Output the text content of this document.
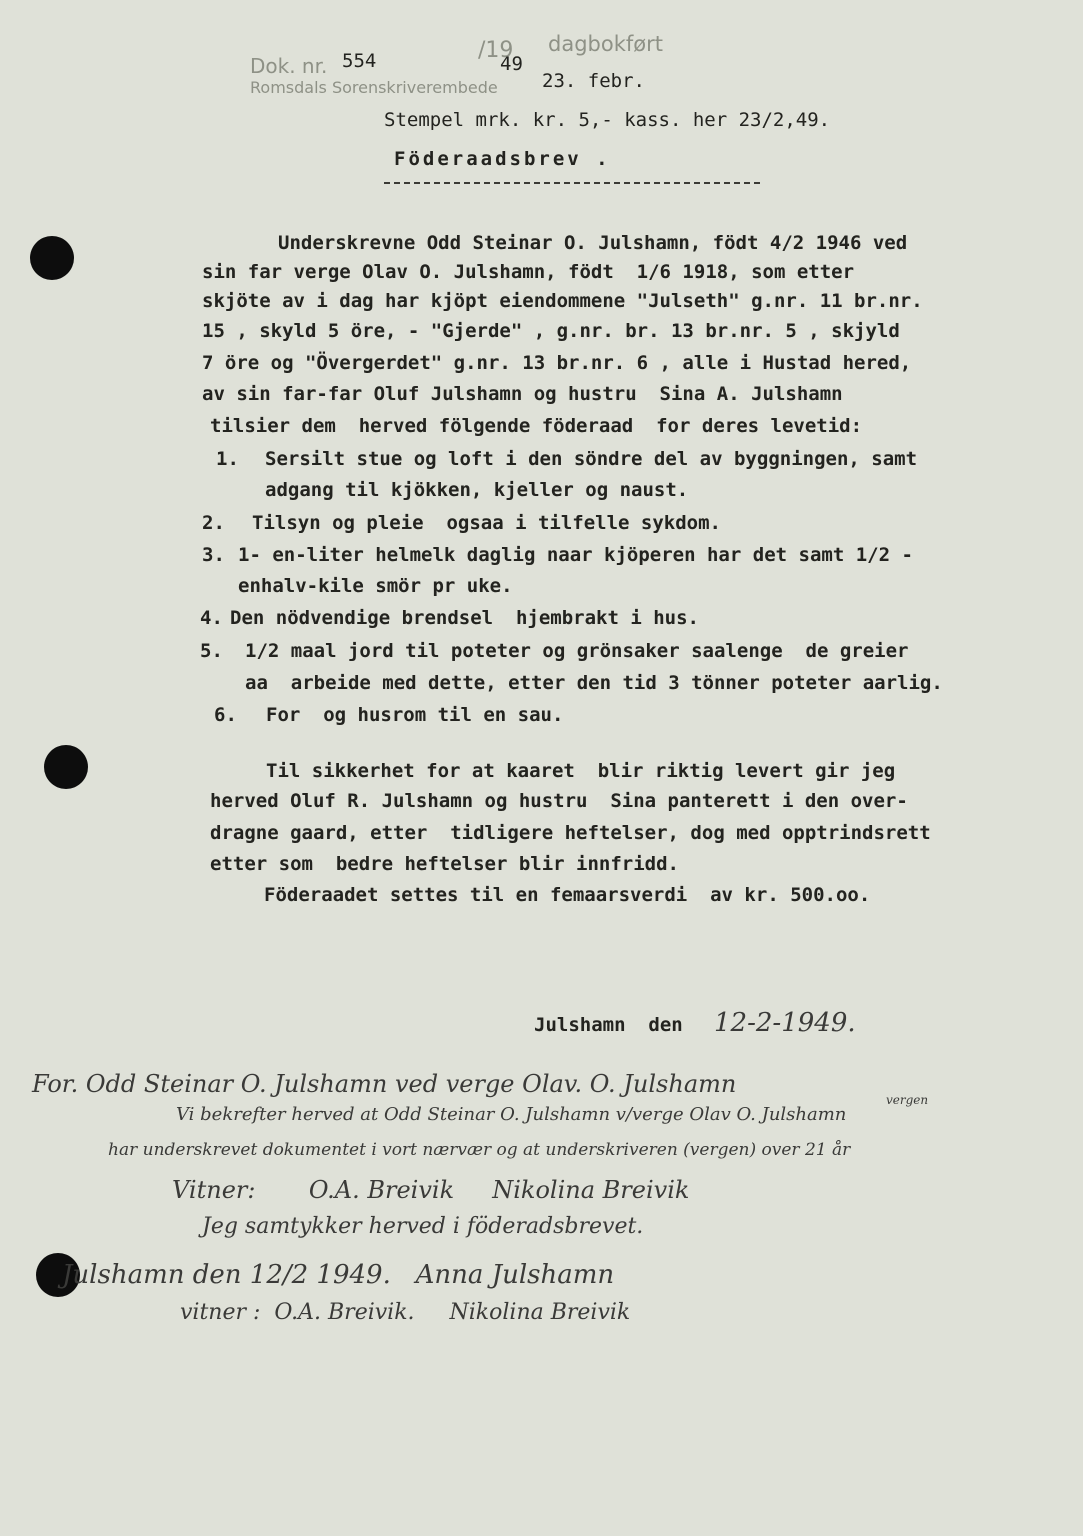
Dok. nr. 554	/19
49
dagbokført
Romsdals Sorenskriverembede 23. febr.
Stempel mrk. kr. 5,- kass. her 23/2,49.
Föderaadsbrev .
Underskrevne Odd Steinar O. Julshamn, födt 4/2 1946 ved
sin far verge Olav O. Julshamn, födt  1/6 1918, som etter
skjöte av i dag har kjöpt eiendommene "Julseth" g.nr. 11 br.nr.
15 , skyld 5 öre, - "Gjerde" , g.nr. br. 13 br.nr. 5 , skjyld
7 öre og "Övergerdet" g.nr. 13 br.nr. 6 , alle i Hustad hered,
av sin far-far Oluf Julshamn og hustru  Sina A. Julshamn
tilsier dem  herved fölgende föderaad  for deres levetid:
1. Sersilt stue og loft i den söndre del av byggningen, samt
adgang til kjökken, kjeller og naust.
2. Tilsyn og pleie  ogsaa i tilfelle sykdom.
3. 1- en-liter helmelk daglig naar kjöperen har det samt 1/2 -
enhalv-kile smör pr uke.
4. Den nödvendige brendsel  hjembrakt i hus.
5. 1/2 maal jord til poteter og grönsaker saalenge  de greier
aa  arbeide med dette, etter den tid 3 tönner poteter aarlig.
6. For  og husrom til en sau.
Til sikkerhet for at kaaret  blir riktig levert gir jeg
herved Oluf R. Julshamn og hustru  Sina panterett i den over-
dragne gaard, etter  tidligere heftelser, dog med opptrindsrett
etter som  bedre heftelser blir innfridd.
Föderaadet settes til en femaarsverdi  av kr. 500.oo.
Julshamn  den 12-2-1949.
For. Odd Steinar O. Julshamn ved verge Olav. O. Julshamn
Vi bekrefter herved at Odd Steinar O. Julshamn v/verge Olav O. Julshamn
vergen
har underskrevet dokumentet i vort nærvær og at underskriveren (vergen) over 21 år
Vitner:       O.A. Breivik     Nikolina Breivik
Jeg samtykker herved i föderadsbrevet.
Julshamn den 12/2 1949.   Anna Julshamn
vitner :  O.A. Breivik.     Nikolina Breivik
